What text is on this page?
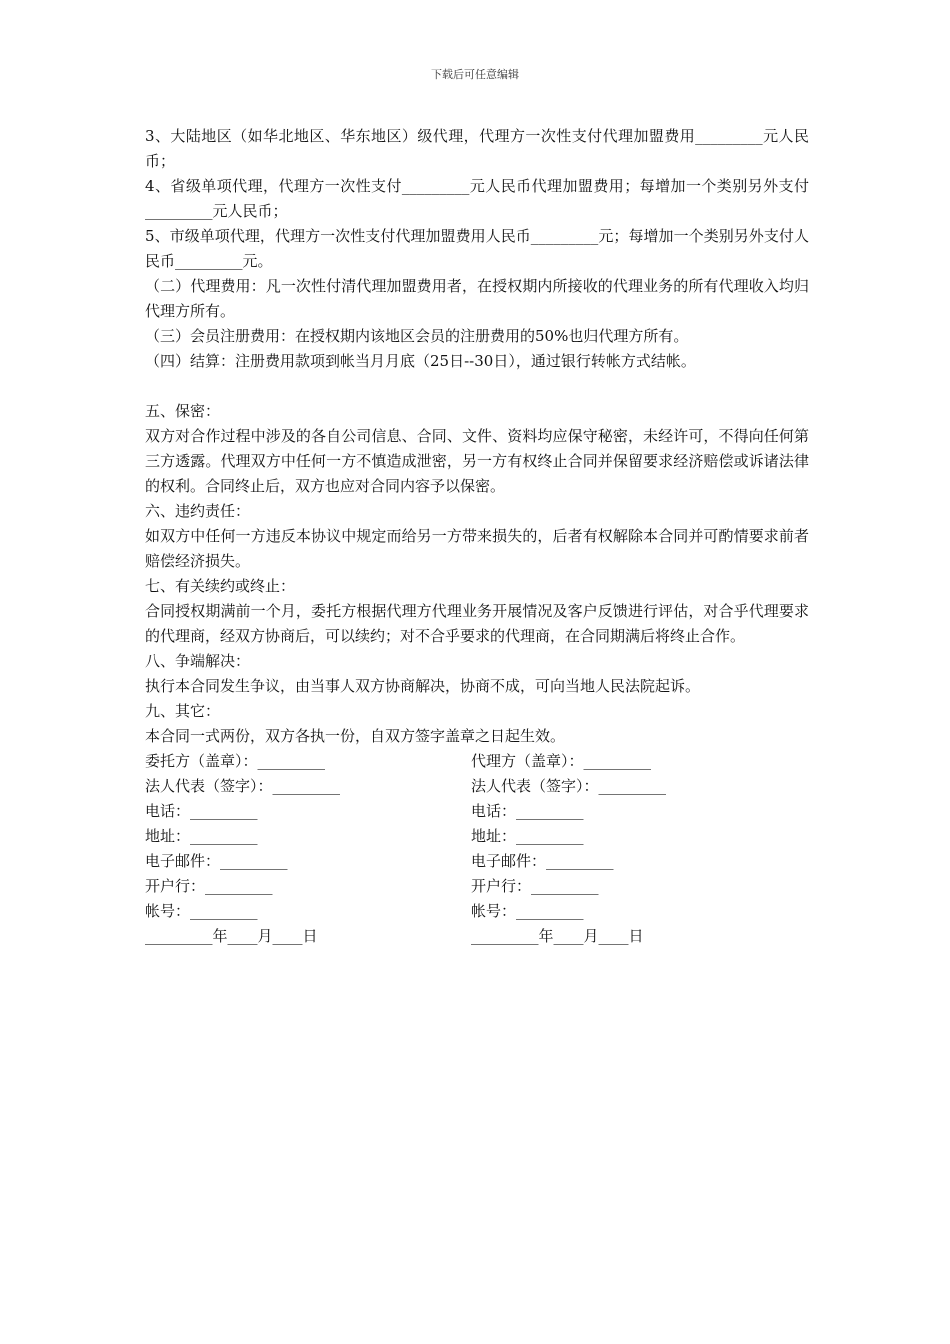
下载后可任意编辑

3、大陆地区（如华北地区、华东地区）级代理，代理方一次性支付代理加盟费用_________元人民币；

4、省级单项代理，代理方一次性支付_________元人民币代理加盟费用；每增加一个类别另外支付_________元人民币；

5、市级单项代理，代理方一次性支付代理加盟费用人民币_________元；每增加一个类别另外支付人民币_________元。

（二）代理费用：凡一次性付清代理加盟费用者，在授权期内所接收的代理业务的所有代理收入均归代理方所有。

（三）会员注册费用：在授权期内该地区会员的注册费用的50%也归代理方所有。

（四）结算：注册费用款项到帐当月月底（25日--30日），通过银行转帐方式结帐。

五、保密：

双方对合作过程中涉及的各自公司信息、合同、文件、资料均应保守秘密，未经许可，不得向任何第三方透露。代理双方中任何一方不慎造成泄密，另一方有权终止合同并保留要求经济赔偿或诉诸法律的权利。合同终止后，双方也应对合同内容予以保密。

六、违约责任：

如双方中任何一方违反本协议中规定而给另一方带来损失的，后者有权解除本合同并可酌情要求前者赔偿经济损失。

七、有关续约或终止：

合同授权期满前一个月，委托方根据代理方代理业务开展情况及客户反馈进行评估，对合乎代理要求的代理商，经双方协商后，可以续约；对不合乎要求的代理商，在合同期满后将终止合作。

八、争端解决：

执行本合同发生争议，由当事人双方协商解决，协商不成，可向当地人民法院起诉。

九、其它：

本合同一式两份，双方各执一份，自双方签字盖章之日起生效。

委托方（盖章）：_________	代理方（盖章）：_________
法人代表（签字）：_________	法人代表（签字）：_________
电话：_________	电话：_________
地址：_________	地址：_________
电子邮件：_________	电子邮件：_________
开户行：_________	开户行：_________
帐号：_________	帐号：_________
_________年____月____日	_________年____月____日
